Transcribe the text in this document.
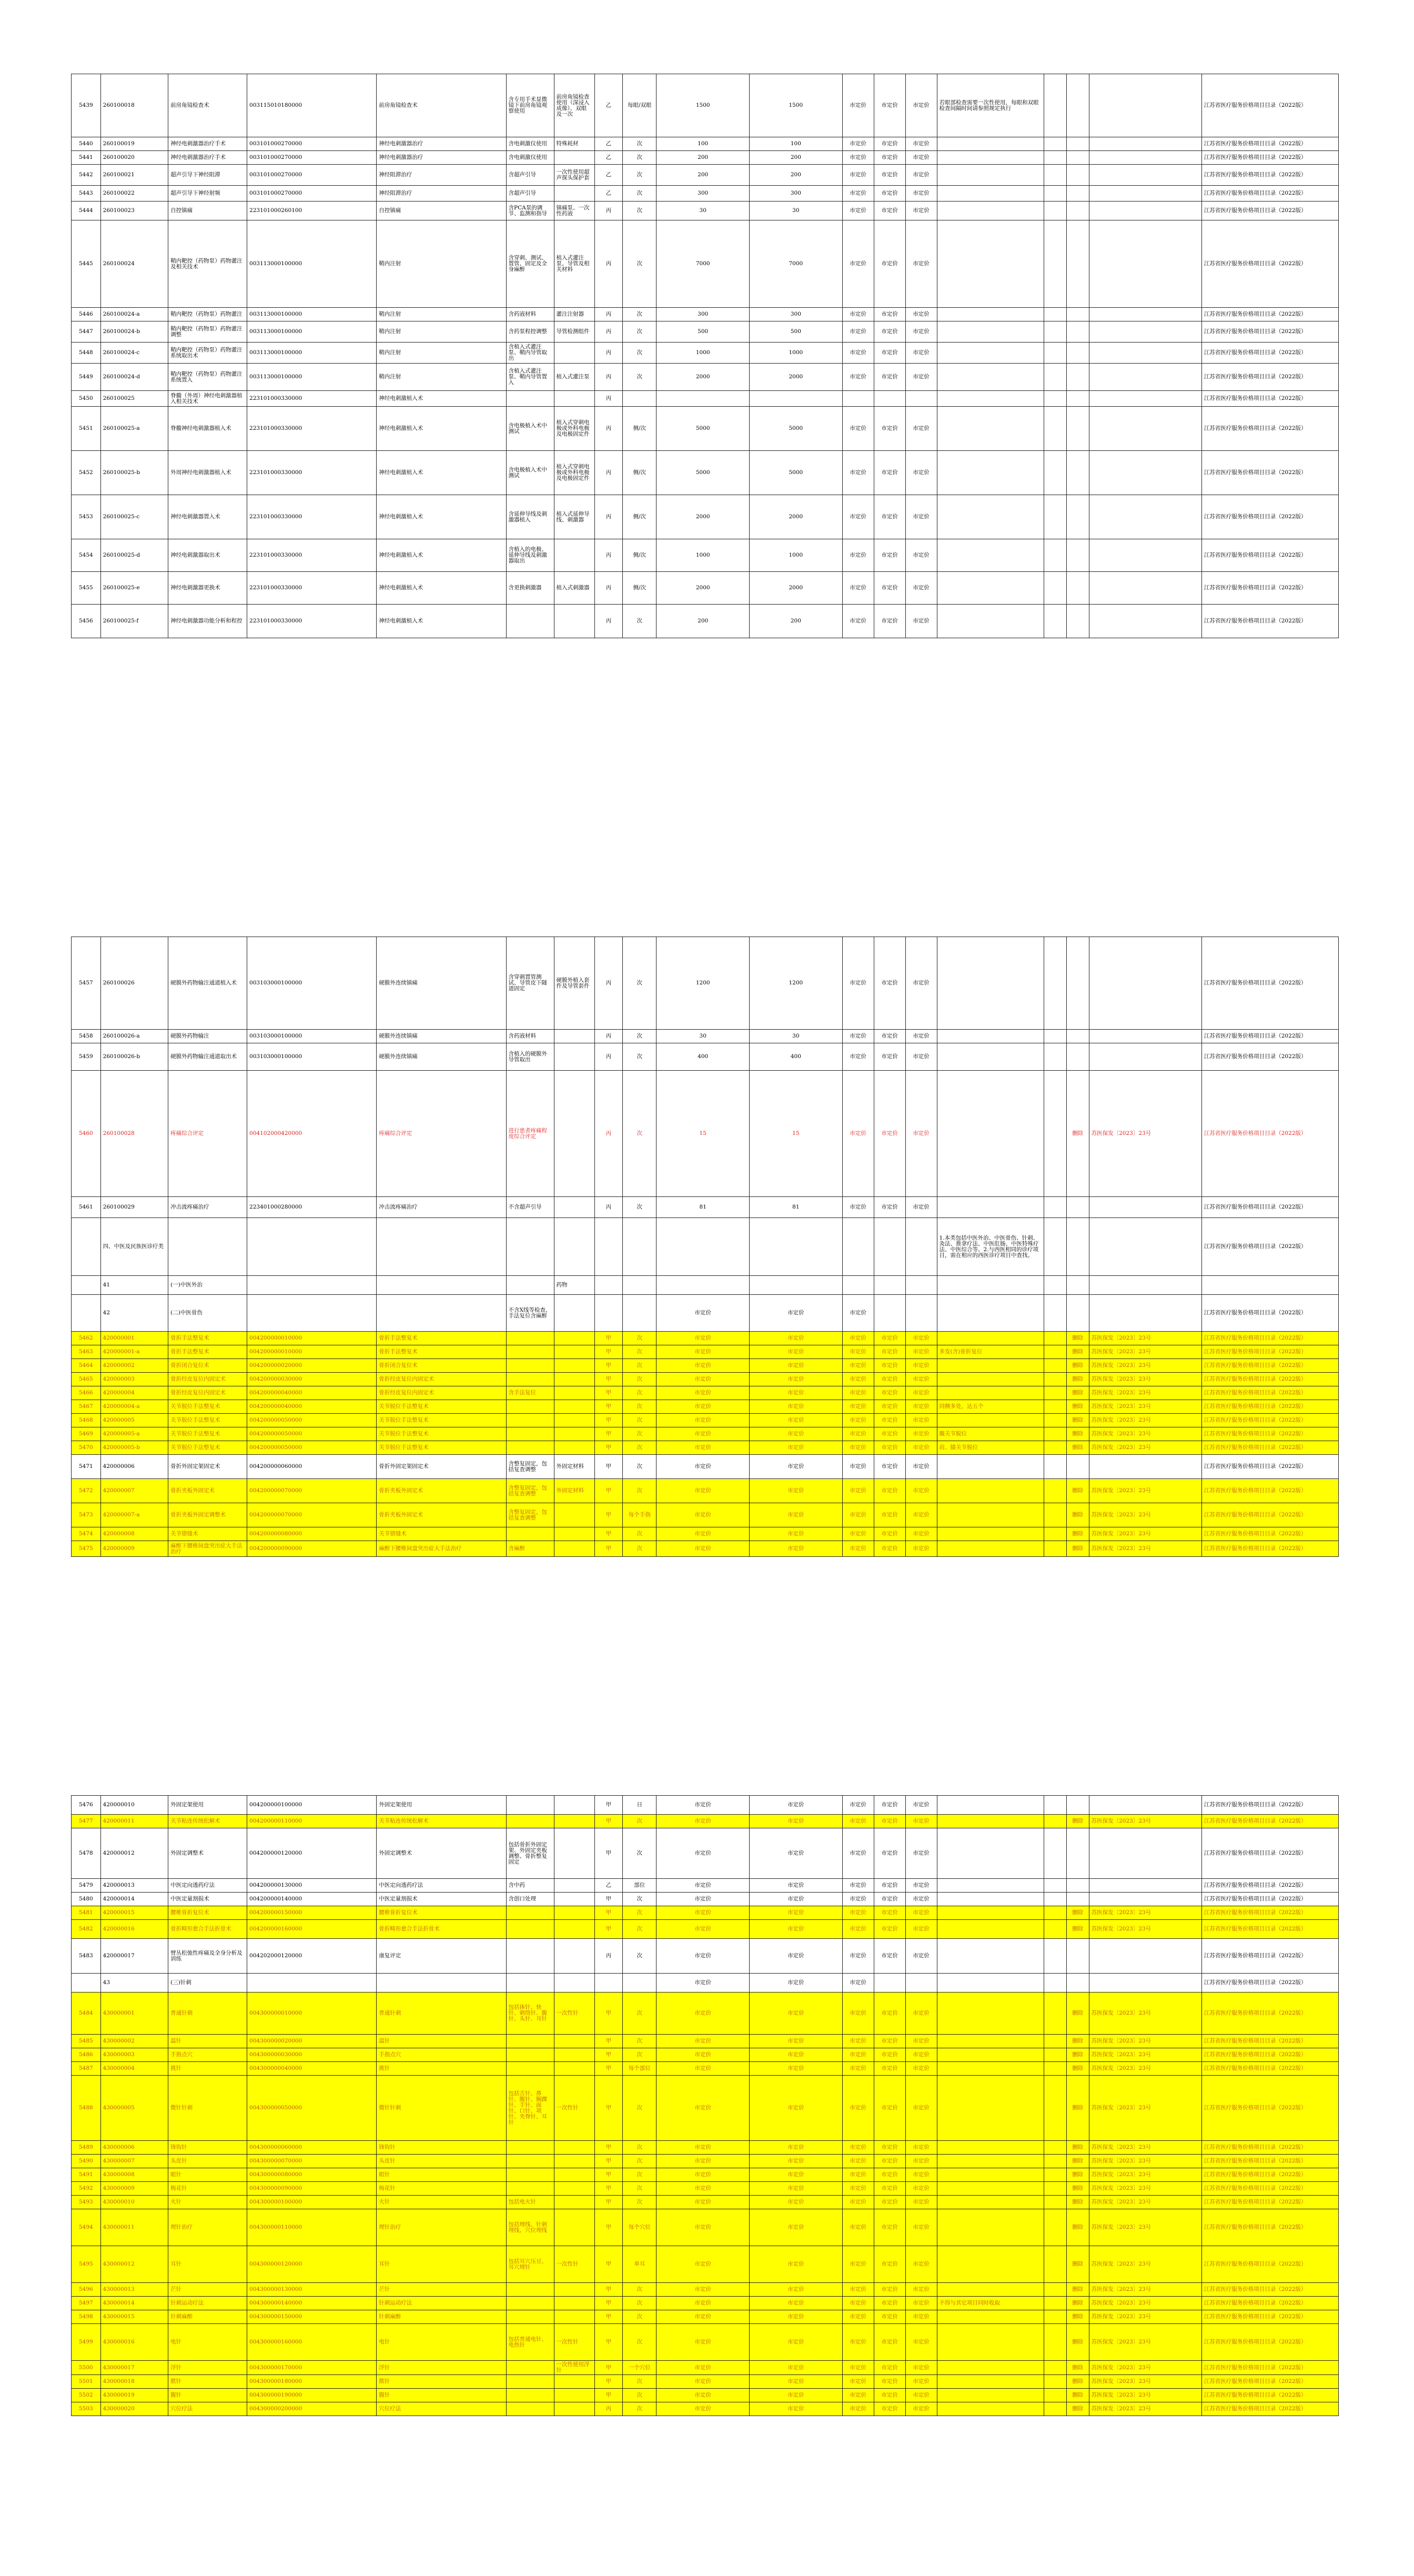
5439	260100018	前房角镜检查术	003115010180000	前房角镜检查术	含专用手术显微镜下前房角镜观察使用	前房角镜检查使用（深浸入成像）、双眼及一次	乙	每眼/双眼	1500	1500	市定价	市定价	市定价	若眼部检查需要一次性使用，每眼和双眼检查间隔时间请参照规定执行				江苏省医疗服务价格项目目录（2022版）
5440	260100019	神经电刺激器治疗手术	003101000270000	神经电刺激器治疗	含电刺激仪使用	特殊耗材	乙	次	100	100	市定价	市定价	市定价					江苏省医疗服务价格项目目录（2022版）
5441	260100020	神经电刺激器治疗手术	003101000270000	神经电刺激器治疗	含电刺激仪使用		乙	次	200	200	市定价	市定价	市定价					江苏省医疗服务价格项目目录（2022版）
5442	260100021	超声引导下神经阻滞	003101000270000	神经阻滞治疗	含超声引导	一次性使用超声探头保护套	乙	次	200	200	市定价	市定价	市定价					江苏省医疗服务价格项目目录（2022版）
5443	260100022	超声引导下神经射频	003101000270000	神经阻滞治疗	含超声引导		乙	次	300	300	市定价	市定价	市定价					江苏省医疗服务价格项目目录（2022版）
5444	260100023	自控镇痛	223101000260100	自控镇痛	含PCA泵的调节、监测和指导	镇痛泵、一次性药液	丙	次	30	30	市定价	市定价	市定价					江苏省医疗服务价格项目目录（2022版）
5445	260100024	鞘内靶控（药物泵）药物灌注及相关技术	003113000100000	鞘内注射	含穿刺、测试、置管、固定及全身麻醉	植入式灌注泵、导管及相关材料	丙	次	7000	7000	市定价	市定价	市定价					江苏省医疗服务价格项目目录（2022版）
5446	260100024-a	鞘内靶控（药物泵）药物灌注	003113000100000	鞘内注射	含药液材料	灌注注射器	丙	次	300	300	市定价	市定价	市定价					江苏省医疗服务价格项目目录（2022版）
5447	260100024-b	鞘内靶控（药物泵）药物灌注调整	003113000100000	鞘内注射	含药泵程控调整	导管检测组件	丙	次	500	500	市定价	市定价	市定价					江苏省医疗服务价格项目目录（2022版）
5448	260100024-c	鞘内靶控（药物泵）药物灌注系统取出术	003113000100000	鞘内注射	含植入式灌注泵、鞘内导管取出		丙	次	1000	1000	市定价	市定价	市定价					江苏省医疗服务价格项目目录（2022版）
5449	260100024-d	鞘内靶控（药物泵）药物灌注系统置入	003113000100000	鞘内注射	含植入式灌注泵、鞘内导管置入	植入式灌注泵	丙	次	2000	2000	市定价	市定价	市定价					江苏省医疗服务价格项目目录（2022版）
5450	260100025	脊髓（外周）神经电刺激器植入相关技术	223101000330000	神经电刺激植入术			丙											江苏省医疗服务价格项目目录（2022版）
5451	260100025-a	脊髓神经电刺激器植入术	223101000330000	神经电刺激植入术	含电极植入术中测试	植入式穿刺电极或外科电极及电极固定件	丙	侧/次	5000	5000	市定价	市定价	市定价					江苏省医疗服务价格项目目录（2022版）
5452	260100025-b	外周神经电刺激器植入术	223101000330000	神经电刺激植入术	含电极植入术中测试	植入式穿刺电极或外科电极及电极固定件	丙	侧/次	5000	5000	市定价	市定价	市定价					江苏省医疗服务价格项目目录（2022版）
5453	260100025-c	神经电刺激器置入术	223101000330000	神经电刺激植入术	含延伸导线及刺激器植入	植入式延伸导线、刺激器	丙	侧/次	2000	2000	市定价	市定价	市定价					江苏省医疗服务价格项目目录（2022版）
5454	260100025-d	神经电刺激器取出术	223101000330000	神经电刺激植入术	含植入的电极、延伸导线及刺激器取出		丙	侧/次	1000	1000	市定价	市定价	市定价					江苏省医疗服务价格项目目录（2022版）
5455	260100025-e	神经电刺激器更换术	223101000330000	神经电刺激植入术	含更换刺激器	植入式刺激器	丙	侧/次	2000	2000	市定价	市定价	市定价					江苏省医疗服务价格项目目录（2022版）
5456	260100025-f	神经电刺激器功能分析和程控	223101000330000	神经电刺激植入术			丙	次	200	200	市定价	市定价	市定价					江苏省医疗服务价格项目目录（2022版）
5457	260100026	硬膜外药物输注通道植入术	003103000100000	硬膜外连续镇痛	含穿刺置管测试、导管皮下隧道固定	硬膜外植入套件及导管套件	丙	次	1200	1200	市定价	市定价	市定价					江苏省医疗服务价格项目目录（2022版）
5458	260100026-a	硬膜外药物输注	003103000100000	硬膜外连续镇痛	含药液材料		丙	次	30	30	市定价	市定价	市定价					江苏省医疗服务价格项目目录（2022版）
5459	260100026-b	硬膜外药物输注通道取出术	003103000100000	硬膜外连续镇痛	含植入的硬膜外导管取出		丙	次	400	400	市定价	市定价	市定价					江苏省医疗服务价格项目目录（2022版）
5460	260100028	疼痛综合评定	004102000420000	疼痛综合评定	进行患者疼痛程度综合评定		丙	次	15	15	市定价	市定价	市定价			删除	苏医保发〔2023〕23号	江苏省医疗服务价格项目目录（2022版）
5461	260100029	冲击波疼痛治疗	223401000280000	冲击波疼痛治疗	不含超声引导		丙	次	81	81	市定价	市定价	市定价					江苏省医疗服务价格项目目录（2022版）
	四、中医及民族医诊疗类													1.本类包括中医外治、中医骨伤、针刺、灸法、推拿疗法、中医肛肠、中医特殊疗法、中医综合等。2.与西医相同的诊疗项目，需在相应的西医诊疗项目中查找。				江苏省医疗服务价格项目目录（2022版）
	41	(一)中医外治				药物												
	42	(二)中医骨伤			不含X线等检查，手法复位含麻醉				市定价	市定价	市定价							江苏省医疗服务价格项目目录（2022版）
5462	420000001	骨折手法整复术	004200000010000	骨折手法整复术			甲	次	市定价	市定价	市定价	市定价	市定价			删除	苏医保发〔2023〕23号	江苏省医疗服务价格项目目录（2022版）
5463	420000001-a	骨折手法整复术	004200000010000	骨折手法整复术			甲	次	市定价	市定价	市定价	市定价	市定价	多发(含)骨折复位		删除	苏医保发〔2023〕23号	江苏省医疗服务价格项目目录（2022版）
5464	420000002	骨折闭合复位术	004200000020000	骨折闭合复位术			甲	次	市定价	市定价	市定价	市定价	市定价			删除	苏医保发〔2023〕23号	江苏省医疗服务价格项目目录（2022版）
5465	420000003	骨折经皮复位内固定术	004200000030000	骨折经皮复位内固定术			甲	次	市定价	市定价	市定价	市定价	市定价			删除	苏医保发〔2023〕23号	江苏省医疗服务价格项目目录（2022版）
5466	420000004	骨折经皮复位内固定术	004200000040000	骨折经皮复位内固定术	含手法复位		甲	次	市定价	市定价	市定价	市定价	市定价			删除	苏医保发〔2023〕23号	江苏省医疗服务价格项目目录（2022版）
5467	420000004-a	关节脱位手法整复术	004200000040000	关节脱位手法整复术			甲	次	市定价	市定价	市定价	市定价	市定价	同侧多处，达五个		删除	苏医保发〔2023〕23号	江苏省医疗服务价格项目目录（2022版）
5468	420000005	关节脱位手法整复术	004200000050000	关节脱位手法整复术			甲	次	市定价	市定价	市定价	市定价	市定价			删除	苏医保发〔2023〕23号	江苏省医疗服务价格项目目录（2022版）
5469	420000005-a	关节脱位手法整复术	004200000050000	关节脱位手法整复术			甲	次	市定价	市定价	市定价	市定价	市定价	髋关节脱位		删除	苏医保发〔2023〕23号	江苏省医疗服务价格项目目录（2022版）
5470	420000005-b	关节脱位手法整复术	004200000050000	关节脱位手法整复术			甲	次	市定价	市定价	市定价	市定价	市定价	肩、膝关节脱位		删除	苏医保发〔2023〕23号	江苏省医疗服务价格项目目录（2022版）
5471	420000006	骨折外固定架固定术	004200000060000	骨折外固定架固定术	含整复固定，包括复查调整	外固定材料	甲	次	市定价	市定价	市定价	市定价	市定价					江苏省医疗服务价格项目目录（2022版）
5472	420000007	骨折夹板外固定术	004200000070000	骨折夹板外固定术	含整复固定，包括复查调整	外固定材料	甲	次	市定价	市定价	市定价	市定价	市定价			删除	苏医保发〔2023〕23号	江苏省医疗服务价格项目目录（2022版）
5473	420000007-a	骨折夹板外固定调整术	004200000070000	骨折夹板外固定术	含整复固定，包括复查调整		甲	每个手指	市定价	市定价	市定价	市定价	市定价			删除	苏医保发〔2023〕23号	江苏省医疗服务价格项目目录（2022版）
5474	420000008	关节错缝术	004200000080000	关节错缝术			甲	次	市定价	市定价	市定价	市定价	市定价			删除	苏医保发〔2023〕23号	江苏省医疗服务价格项目目录（2022版）
5475	420000009	麻醉下腰椎间盘突出症大手法治疗	004200000090000	麻醉下腰椎间盘突出症大手法治疗	含麻醉		甲	次	市定价	市定价	市定价	市定价	市定价			删除	苏医保发〔2023〕23号	江苏省医疗服务价格项目目录（2022版）
5476	420000010	外固定架使用	004200000100000	外固定架使用			甲	日	市定价	市定价	市定价	市定价	市定价					江苏省医疗服务价格项目目录（2022版）
5477	420000011	关节粘连传统松解术	004200000110000	关节粘连传统松解术			甲	次	市定价	市定价	市定价	市定价	市定价			删除	苏医保发〔2023〕23号	江苏省医疗服务价格项目目录（2022版）
5478	420000012	外固定调整术	004200000120000	外固定调整术	包括骨折外固定架、外固定夹板调整、骨折整复固定		甲	次	市定价	市定价	市定价	市定价	市定价					江苏省医疗服务价格项目目录（2022版）
5479	420000013	中医定向透药疗法	004200000130000	中医定向透药疗法	含中药		乙	部位	市定价	市定价	市定价	市定价	市定价					江苏省医疗服务价格项目目录（2022版）
5480	420000014	中医定量割损术	004200000140000	中医定量割损术	含创口处理		甲	次	市定价	市定价	市定价	市定价	市定价					江苏省医疗服务价格项目目录（2022版）
5481	420000015	腰椎骨折复位术	004200000150000	腰椎骨折复位术			甲	次	市定价	市定价	市定价	市定价	市定价			删除	苏医保发〔2023〕23号	江苏省医疗服务价格项目目录（2022版）
5482	420000016	骨折畸形愈合手法折骨术	004200000160000	骨折畸形愈合手法折骨术			甲	次	市定价	市定价	市定价	市定价	市定价			删除	苏医保发〔2023〕23号	江苏省医疗服务价格项目目录（2022版）
5483	420000017	臂丛松弛性疼痛及全身分析及训练	004202000120000	康复评定			丙	次	市定价	市定价	市定价	市定价	市定价					江苏省医疗服务价格项目目录（2022版）
	43	(三)针刺							市定价	市定价	市定价							江苏省医疗服务价格项目目录（2022版）
5484	430000001	普通针刺	004300000010000	普通针刺	包括体针、快针、刺络针、腹针、头针、耳针	一次性针	甲	次	市定价	市定价	市定价	市定价	市定价			删除	苏医保发〔2023〕23号	江苏省医疗服务价格项目目录（2022版）
5485	430000002	温针	004300000020000	温针			甲	次	市定价	市定价	市定价	市定价	市定价			删除	苏医保发〔2023〕23号	江苏省医疗服务价格项目目录（2022版）
5486	430000003	手指点穴	004300000030000	手指点穴			甲	次	市定价	市定价	市定价	市定价	市定价			删除	苏医保发〔2023〕23号	江苏省医疗服务价格项目目录（2022版）
5487	430000004	挑针	004300000040000	挑针			甲	每个部位	市定价	市定价	市定价	市定价	市定价			删除	苏医保发〔2023〕23号	江苏省医疗服务价格项目目录（2022版）
5488	430000005	微针针刺	004300000050000	微针针刺	包括舌针、鼻针、腹针、腕踝针、手针、面针、口针、项针、夹脊针、耳针	一次性针	甲	次	市定价	市定价	市定价	市定价	市定价			删除	苏医保发〔2023〕23号	江苏省医疗服务价格项目目录（2022版）
5489	430000006	锋钩针	004300000060000	锋钩针			甲	次	市定价	市定价	市定价	市定价	市定价			删除	苏医保发〔2023〕23号	江苏省医疗服务价格项目目录（2022版）
5490	430000007	头皮针	004300000070000	头皮针			甲	次	市定价	市定价	市定价	市定价	市定价			删除	苏医保发〔2023〕23号	江苏省医疗服务价格项目目录（2022版）
5491	430000008	眼针	004300000080000	眼针			甲	次	市定价	市定价	市定价	市定价	市定价			删除	苏医保发〔2023〕23号	江苏省医疗服务价格项目目录（2022版）
5492	430000009	梅花针	004300000090000	梅花针			甲	次	市定价	市定价	市定价	市定价	市定价			删除	苏医保发〔2023〕23号	江苏省医疗服务价格项目目录（2022版）
5493	430000010	火针	004300000100000	火针	包括电火针		甲	次	市定价	市定价	市定价	市定价	市定价			删除	苏医保发〔2023〕23号	江苏省医疗服务价格项目目录（2022版）
5494	430000011	埋针治疗	004300000110000	埋针治疗	包括埋线、针刺埋线、穴位埋线		甲	每个穴位	市定价	市定价	市定价	市定价	市定价			删除	苏医保发〔2023〕23号	江苏省医疗服务价格项目目录（2022版）
5495	430000012	耳针	004300000120000	耳针	包括耳穴压豆、耳穴埋针	一次性针	甲	单耳	市定价	市定价	市定价	市定价	市定价			删除	苏医保发〔2023〕23号	江苏省医疗服务价格项目目录（2022版）
5496	430000013	芒针	004300000130000	芒针			甲	次	市定价	市定价	市定价	市定价	市定价			删除	苏医保发〔2023〕23号	江苏省医疗服务价格项目目录（2022版）
5497	430000014	针刺运动疗法	004300000140000	针刺运动疗法			甲	次	市定价	市定价	市定价	市定价	市定价	不得与其它项目同时收取		删除	苏医保发〔2023〕23号	江苏省医疗服务价格项目目录（2022版）
5498	430000015	针刺麻醉	004300000150000	针刺麻醉			甲	次	市定价	市定价	市定价	市定价	市定价			删除	苏医保发〔2023〕23号	江苏省医疗服务价格项目目录（2022版）
5499	430000016	电针	004300000160000	电针	包括普通电针、电热针	一次性针	甲	次	市定价	市定价	市定价	市定价	市定价			删除	苏医保发〔2023〕23号	江苏省医疗服务价格项目目录（2022版）
5500	430000017	浮针	004300000170000	浮针		一次性使用浮针	甲	一个穴位	市定价	市定价	市定价	市定价	市定价			删除	苏医保发〔2023〕23号	江苏省医疗服务价格项目目录（2022版）
5501	430000018	揿针	004300000180000	揿针			甲	次	市定价	市定价	市定价	市定价	市定价			删除	苏医保发〔2023〕23号	江苏省医疗服务价格项目目录（2022版）
5502	430000019	腹针	004300000190000	腹针			甲	次	市定价	市定价	市定价	市定价	市定价			删除	苏医保发〔2023〕23号	江苏省医疗服务价格项目目录（2022版）
5503	430000020	穴位疗法	004300000200000	穴位疗法			丙	次	市定价	市定价	市定价	市定价	市定价			删除	苏医保发〔2023〕23号	江苏省医疗服务价格项目目录（2022版）
